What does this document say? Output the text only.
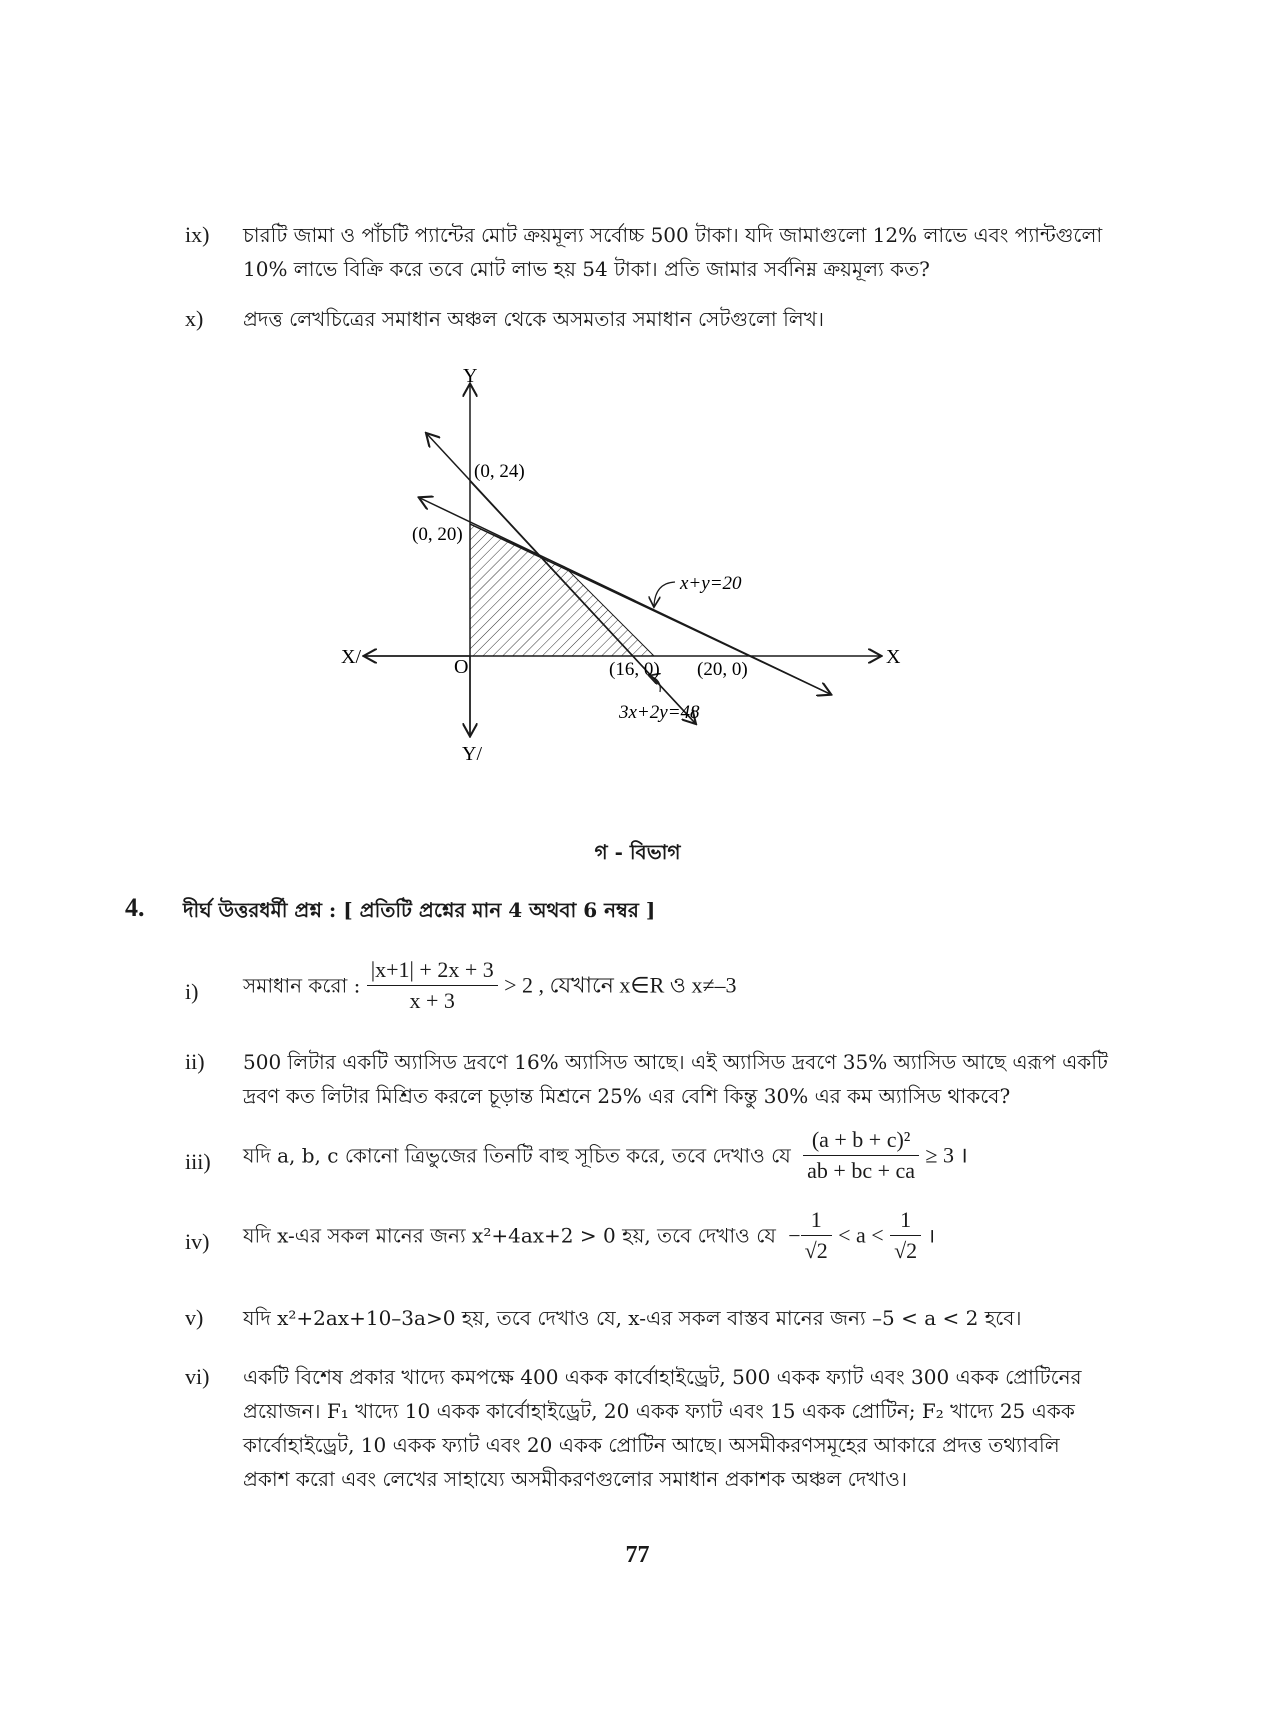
ix) চারটি জামা ও পাঁচটি প্যান্টের মোট ক্রয়মূল্য সর্বোচ্চ 500 টাকা। যদি জামাগুলো 12% লাভে এবং প্যান্টগুলো
10% লাভে বিক্রি করে তবে মোট লাভ হয় 54 টাকা। প্রতি জামার সর্বনিম্ন ক্রয়মূল্য কত?
x) প্রদত্ত লেখচিত্রের সমাধান অঞ্চল থেকে অসমতার সমাধান সেটগুলো লিখ।
Y
Y/
X
X/	O
(0, 24)
(0, 20)
(16, 0) (20, 0)
x+y=20
3x+2y=48
গ - বিভাগ
4. দীর্ঘ উত্তরধর্মী প্রশ্ন : [ প্রতিটি প্রশ্নের মান 4 অথবা 6 নম্বর ]
i) সমাধান করো : $\frac{|x+1| + 2x + 3}{x + 3} > 2$ , যেখানে x∈R ও x≠–3
ii) 500 লিটার একটি অ্যাসিড দ্রবণে 16% অ্যাসিড আছে। এই অ্যাসিড দ্রবণে 35% অ্যাসিড আছে এরূপ একটি
দ্রবণ কত লিটার মিশ্রিত করলে চূড়ান্ত মিশ্রনে 25% এর বেশি কিন্তু 30% এর কম অ্যাসিড থাকবে?
iii) যদি a, b, c কোনো ত্রিভুজের তিনটি বাহু সূচিত করে, তবে দেখাও যে $\frac{\text{(a + b + c)²}}{ab + bc + ca} \ge 3$ ।
iv) যদি x-এর সকল মানের জন্য x²+4ax+2 > 0 হয়, তবে দেখাও যে − $\frac{1}{√2} < a < \frac{1}{√2}$ ।
v) যদি x²+2ax+10–3a>0 হয়, তবে দেখাও যে, x-এর সকল বাস্তব মানের জন্য –5 < a < 2 হবে।
vi) একটি বিশেষ প্রকার খাদ্যে কমপক্ষে 400 একক কার্বোহাইড্রেট, 500 একক ফ্যাট এবং 300 একক প্রোটিনের
প্রয়োজন। F₁ খাদ্যে 10 একক কার্বোহাইড্রেট, 20 একক ফ্যাট এবং 15 একক প্রোটিন; F₂ খাদ্যে 25 একক
কার্বোহাইড্রেট, 10 একক ফ্যাট এবং 20 একক প্রোটিন আছে। অসমীকরণসমূহের আকারে প্রদত্ত তথ্যাবলি
প্রকাশ করো এবং লেখের সাহায্যে অসমীকরণগুলোর সমাধান প্রকাশক অঞ্চল দেখাও।
77
